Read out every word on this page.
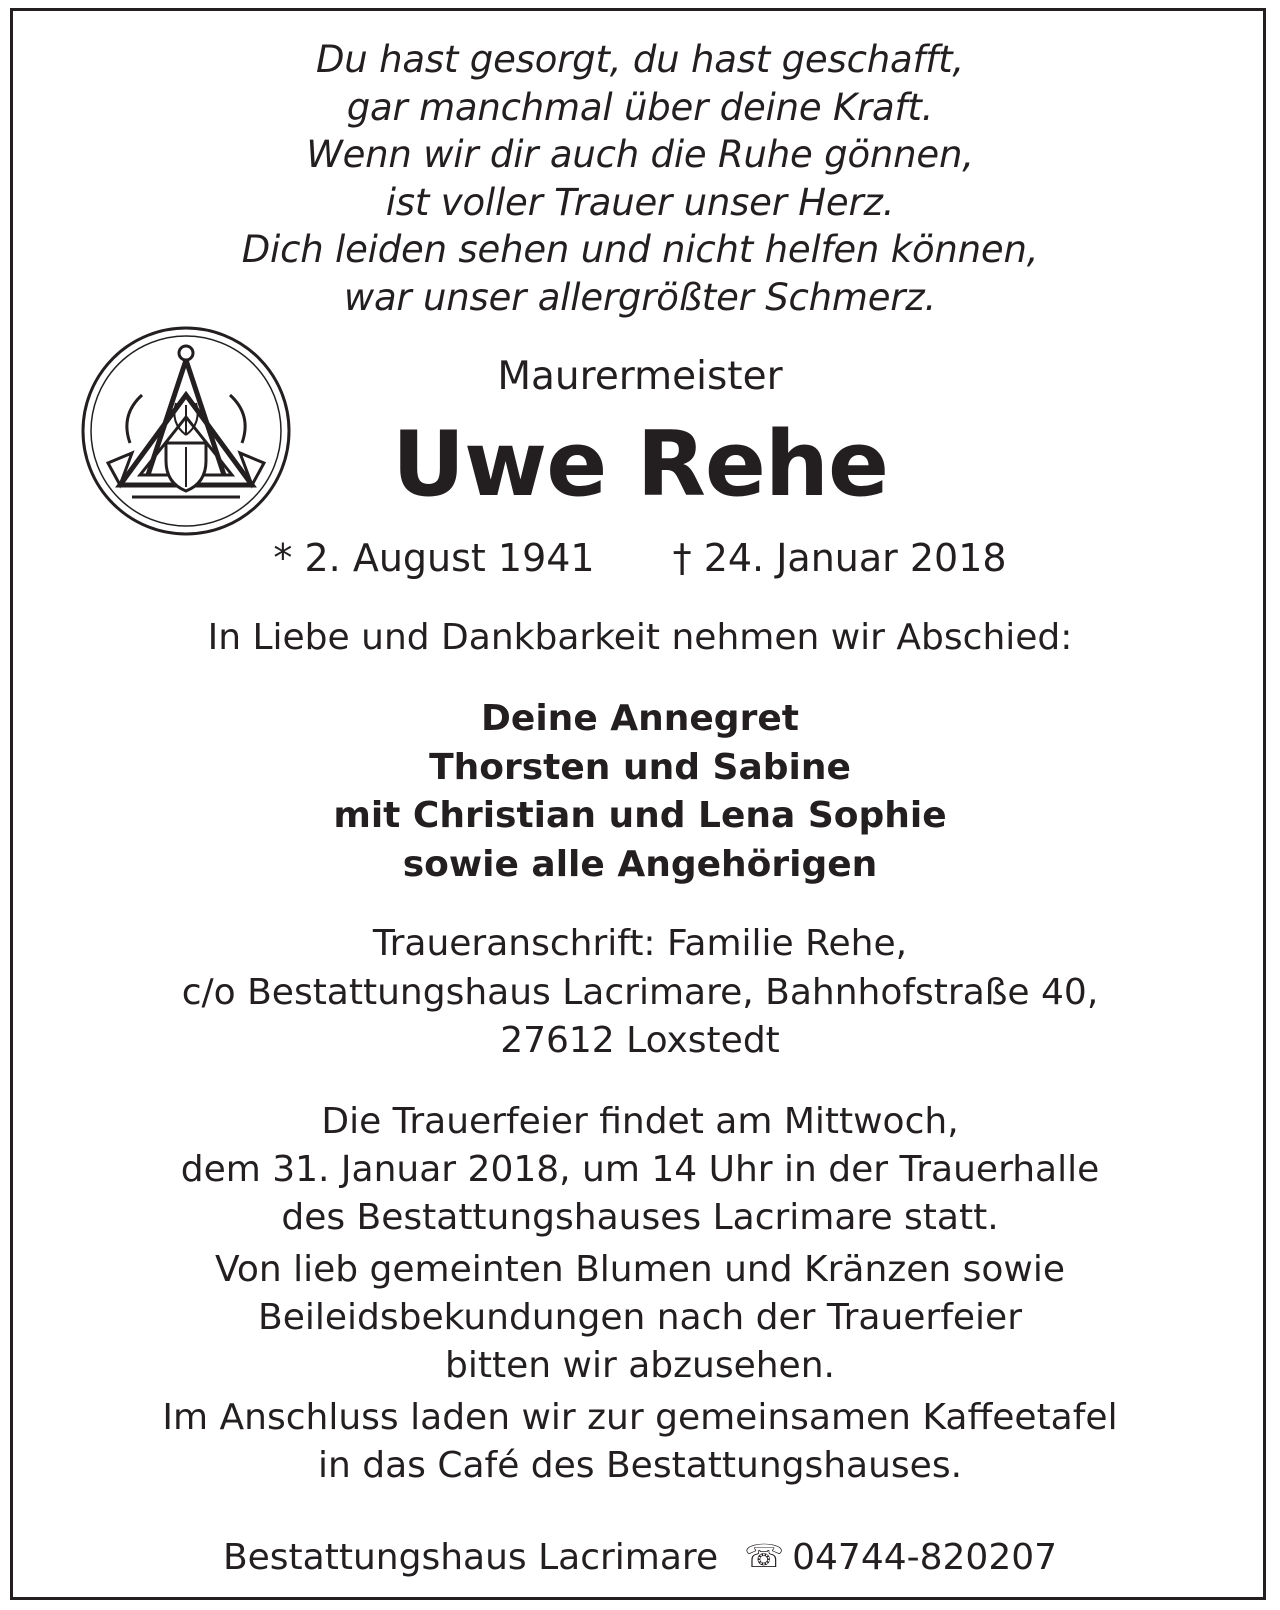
Du hast gesorgt, du hast geschafft,
gar manchmal über deine Kraft.
Wenn wir dir auch die Ruhe gönnen,
ist voller Trauer unser Herz.
Dich leiden sehen und nicht helfen können,
war unser allergrößter Schmerz.
Maurermeister
Uwe Rehe
* 2. August 1941 † 24. Januar 2018
In Liebe und Dankbarkeit nehmen wir Abschied:
Deine Annegret
Thorsten und Sabine
mit Christian und Lena Sophie
sowie alle Angehörigen
Traueranschrift: Familie Rehe,
c/o Bestattungshaus Lacrimare, Bahnhofstraße 40,
27612 Loxstedt
Die Trauerfeier findet am Mittwoch,
dem 31. Januar 2018, um 14 Uhr in der Trauerhalle
des Bestattungshauses Lacrimare statt.
Von lieb gemeinten Blumen und Kränzen sowie
Beileidsbekundungen nach der Trauerfeier
bitten wir abzusehen.
Im Anschluss laden wir zur gemeinsamen Kaffeetafel
in das Café des Bestattungshauses.
Bestattungshaus Lacrimare ☏ 04744-820207
